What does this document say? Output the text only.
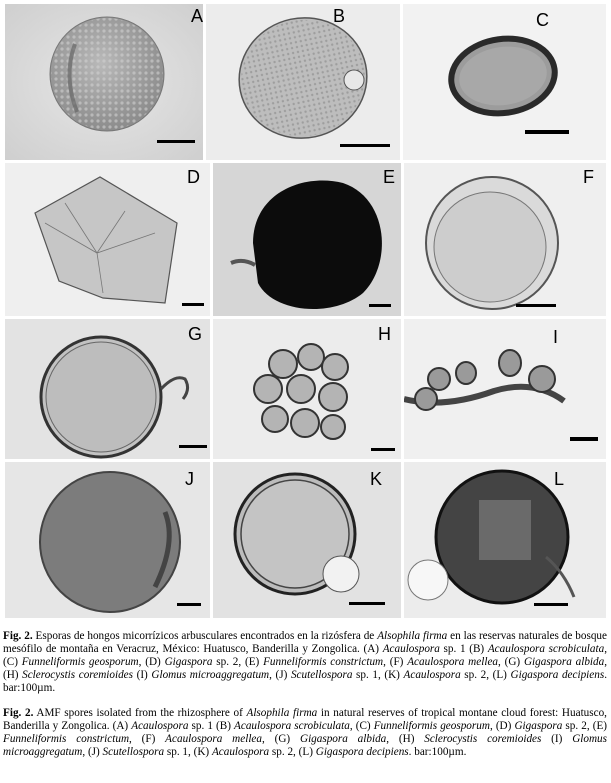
A	B	C
D	E	F
G	H	I
J	K	L

Fig. 2. Esporas de hongos micorrízicos arbusculares encontrados en la rizósfera de Alsophila firma en las reservas naturales de bosque mesófilo de montaña en Veracruz, México: Huatusco, Banderilla y Zongolica. (A) Acaulospora sp. 1 (B) Acaulospora scrobiculata, (C) Funneliformis geosporum, (D) Gigaspora sp. 2, (E) Funneliformis constrictum, (F) Acaulospora mellea, (G) Gigaspora albida, (H) Sclerocystis coremioides (I) Glomus microaggregatum, (J) Scutellospora sp. 1, (K) Acaulospora sp. 2, (L) Gigaspora decipiens. bar:100µm.

Fig. 2. AMF spores isolated from the rhizosphere of Alsophila firma in natural reserves of tropical montane cloud forest: Huatusco, Banderilla y Zongolica. (A) Acaulospora sp. 1 (B) Acaulospora scrobiculata, (C) Funneliformis geosporum, (D) Gigaspora sp. 2, (E) Funneliformis constrictum, (F) Acaulospora mellea, (G) Gigaspora albida, (H) Sclerocystis coremioides (I) Glomus microaggregatum, (J) Scutellospora sp. 1, (K) Acaulospora sp. 2, (L) Gigaspora decipiens. bar:100µm.
